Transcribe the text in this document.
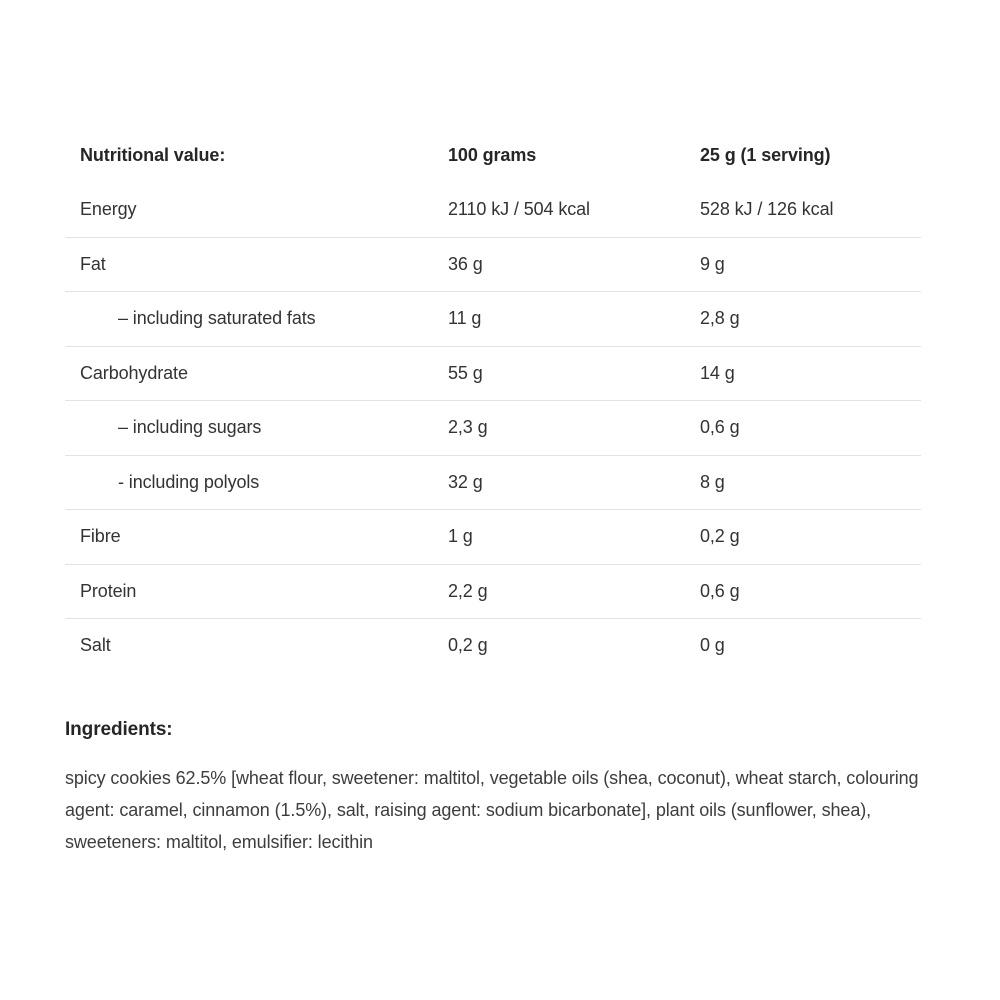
Nutritional value:	100 grams	25 g (1 serving)
Energy	2110 kJ / 504 kcal	528 kJ / 126 kcal
Fat	36 g	9 g
– including saturated fats	11 g	2,8 g
Carbohydrate	55 g	14 g
– including sugars	2,3 g	0,6 g
- including polyols	32 g	8 g
Fibre	1 g	0,2 g
Protein	2,2 g	0,6 g
Salt	0,2 g	0 g
Ingredients:

spicy cookies 62.5% [wheat flour, sweetener: maltitol, vegetable oils (shea, coconut), wheat starch, colouring agent: caramel, cinnamon (1.5%), salt, raising agent: sodium bicarbonate], plant oils (sunflower, shea), sweeteners: maltitol, emulsifier: lecithin
